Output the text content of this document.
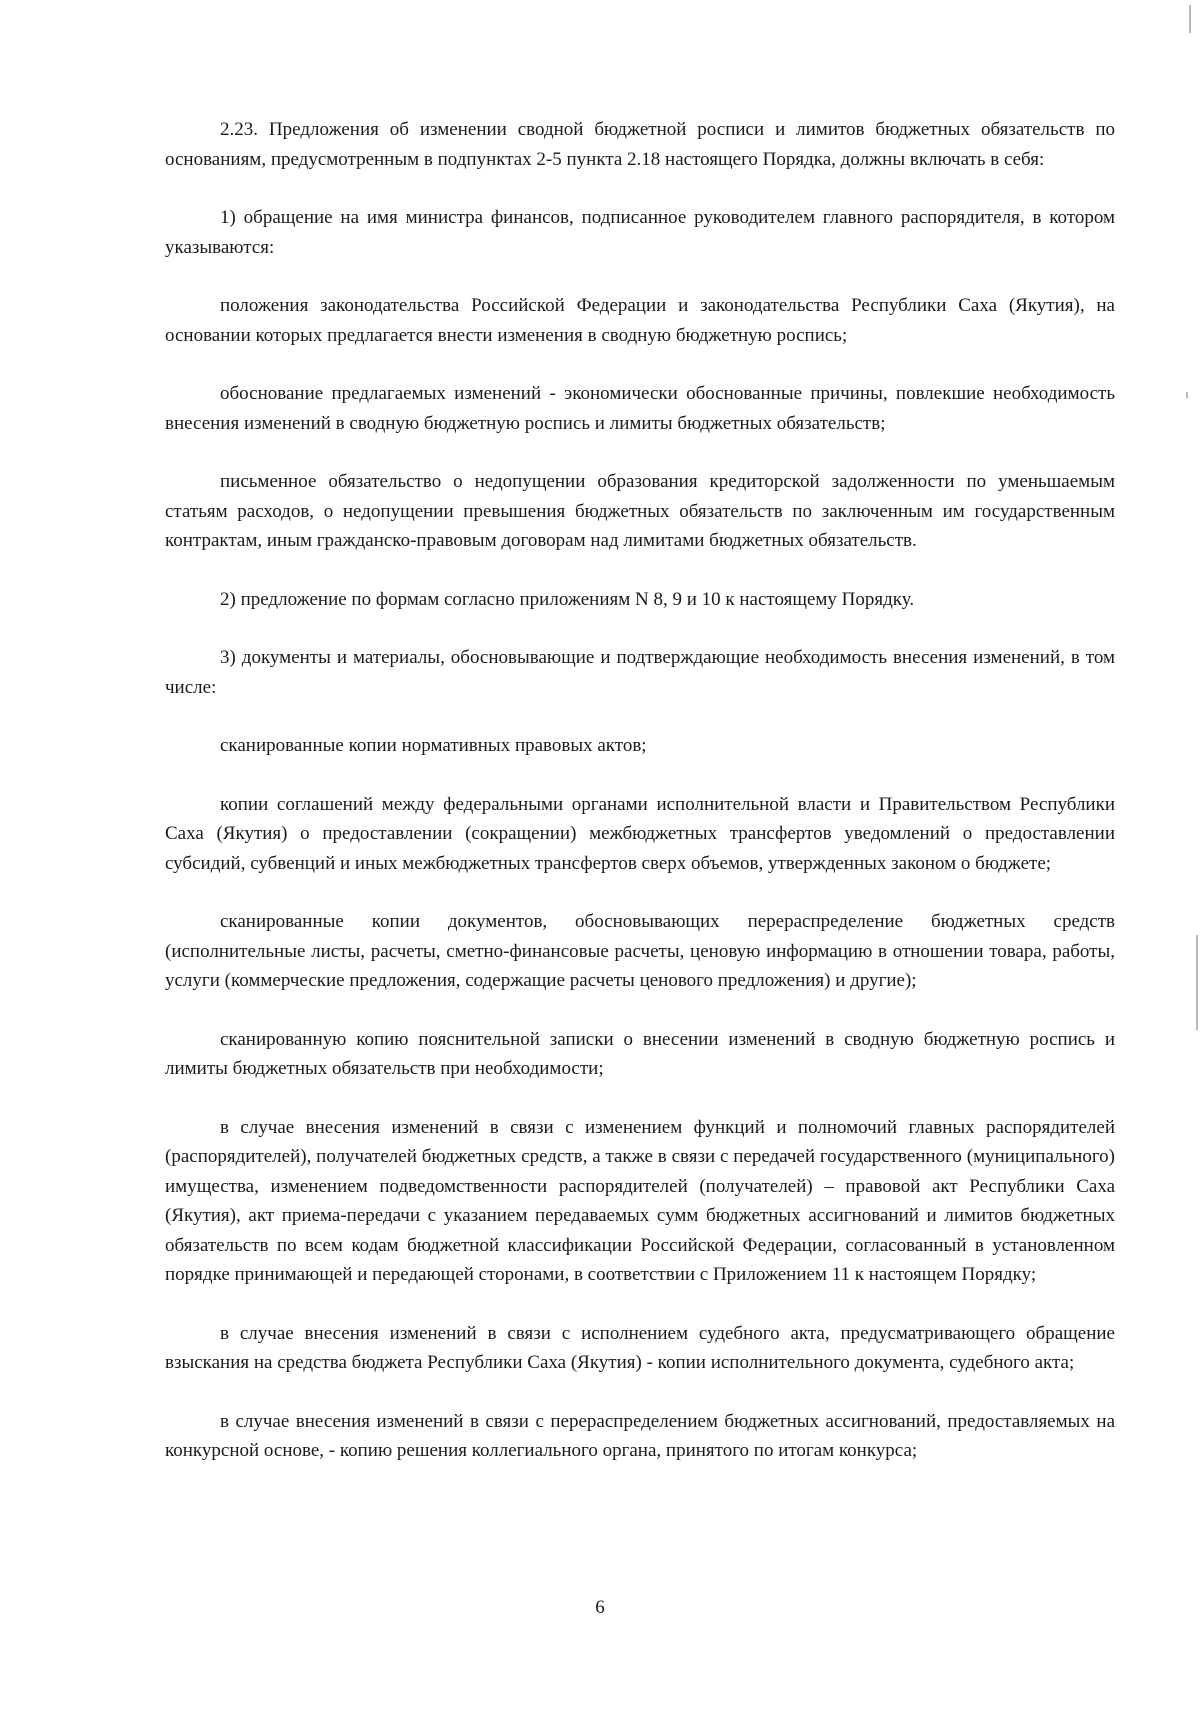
2.23. Предложения об изменении сводной бюджетной росписи и лимитов бюджетных обязательств по основаниям, предусмотренным в подпунктах 2-5 пункта 2.18 настоящего Порядка, должны включать в себя:

1) обращение на имя министра финансов, подписанное руководителем главного распорядителя, в котором указываются:

положения законодательства Российской Федерации и законодательства Республики Саха (Якутия), на основании которых предлагается внести изменения в сводную бюджетную роспись;

обоснование предлагаемых изменений - экономически обоснованные причины, повлекшие необходимость внесения изменений в сводную бюджетную роспись и лимиты бюджетных обязательств;

письменное обязательство о недопущении образования кредиторской задолженности по уменьшаемым статьям расходов, о недопущении превышения бюджетных обязательств по заключенным им государственным контрактам, иным гражданско-правовым договорам над лимитами бюджетных обязательств.

2) предложение по формам согласно приложениям N 8, 9 и 10 к настоящему Порядку.

3) документы и материалы, обосновывающие и подтверждающие необходимость внесения изменений, в том числе:

сканированные копии нормативных правовых актов;

копии соглашений между федеральными органами исполнительной власти и Правительством Республики Саха (Якутия) о предоставлении (сокращении) межбюджетных трансфертов уведомлений о предоставлении субсидий, субвенций и иных межбюджетных трансфертов сверх объемов, утвержденных законом о бюджете;

сканированные копии документов, обосновывающих перераспределение бюджетных средств (исполнительные листы, расчеты, сметно-финансовые расчеты, ценовую информацию в отношении товара, работы, услуги (коммерческие предложения, содержащие расчеты ценового предложения) и другие);

сканированную копию пояснительной записки о внесении изменений в сводную бюджетную роспись и лимиты бюджетных обязательств при необходимости;

в случае внесения изменений в связи с изменением функций и полномочий главных распорядителей (распорядителей), получателей бюджетных средств, а также в связи с передачей государственного (муниципального) имущества, изменением подведомственности распорядителей (получателей) – правовой акт Республики Саха (Якутия), акт приема-передачи с указанием передаваемых сумм бюджетных ассигнований и лимитов бюджетных обязательств по всем кодам бюджетной классификации Российской Федерации, согласованный в установленном порядке принимающей и передающей сторонами, в соответствии с Приложением 11 к настоящем Порядку;

в случае внесения изменений в связи с исполнением судебного акта, предусматривающего обращение взыскания на средства бюджета Республики Саха (Якутия) - копии исполнительного документа, судебного акта;

в случае внесения изменений в связи с перераспределением бюджетных ассигнований, предоставляемых на конкурсной основе, - копию решения коллегиального органа, принятого по итогам конкурса;

6
